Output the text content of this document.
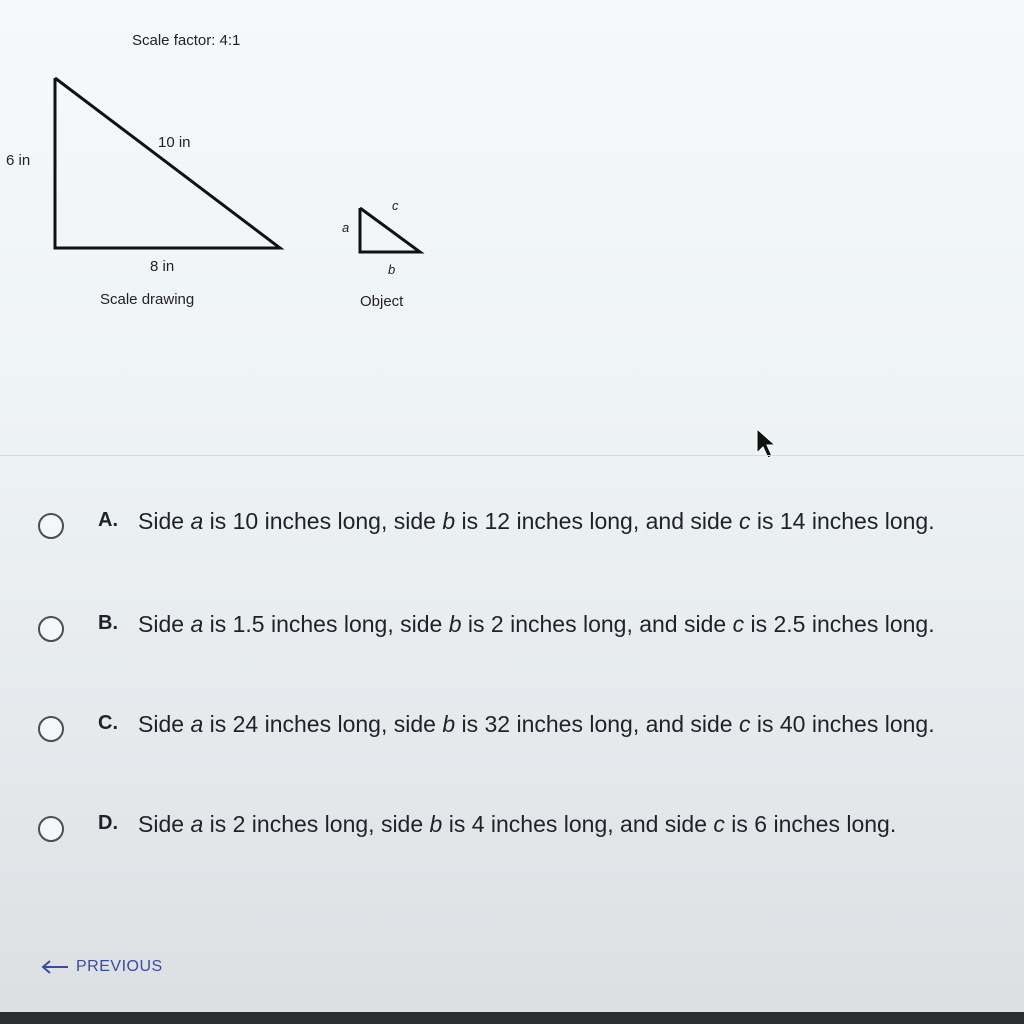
Scale factor: 4:1
6 in
10 in
8 in
Scale drawing
a
c
b
Object
A. Side a is 10 inches long, side b is 12 inches long, and side c is 14 inches long.
B. Side a is 1.5 inches long, side b is 2 inches long, and side c is 2.5 inches long.
C. Side a is 24 inches long, side b is 32 inches long, and side c is 40 inches long.
D. Side a is 2 inches long, side b is 4 inches long, and side c is 6 inches long.
PREVIOUS
